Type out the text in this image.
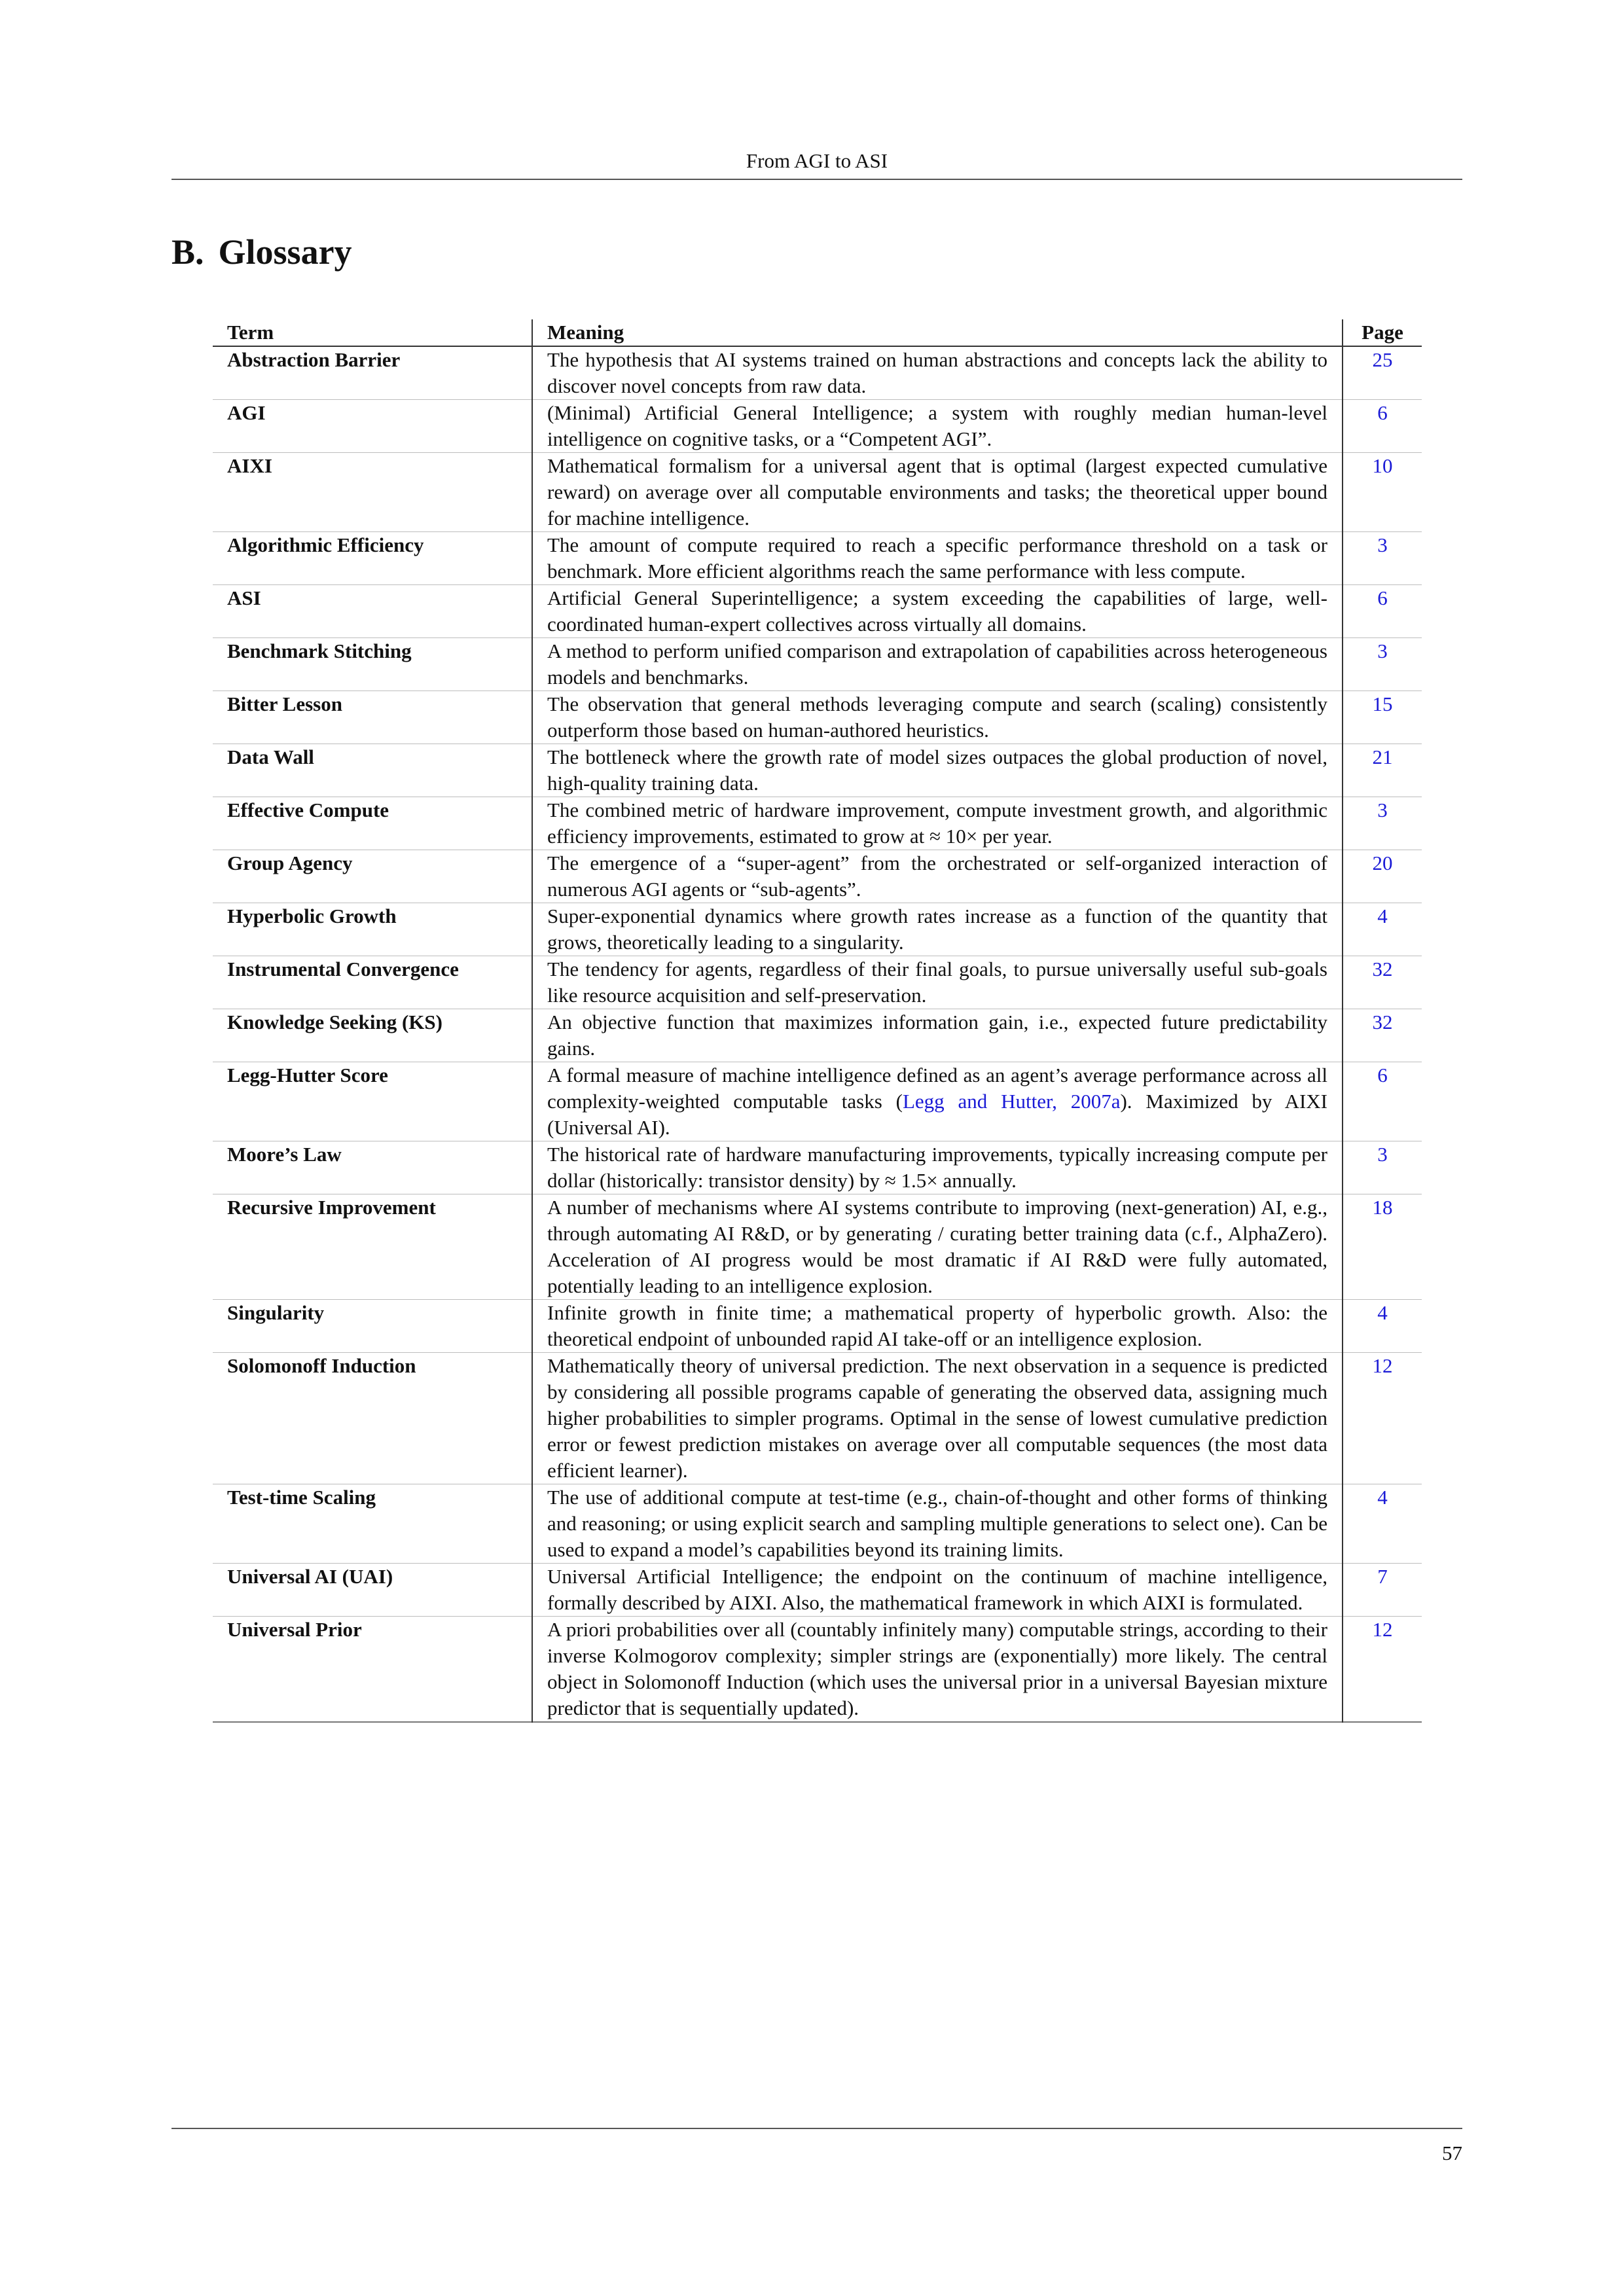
From AGI to ASI
B. Glossary
Term	Meaning	Page
Abstraction Barrier	The hypothesis that AI systems trained on human abstractions and concepts lack the ability to discover novel concepts from raw data.	25
AGI	(Minimal) Artificial General Intelligence; a system with roughly median human-level intelligence on cognitive tasks, or a “Competent AGI”.	6
AIXI	Mathematical formalism for a universal agent that is optimal (largest expected cumulative reward) on average over all computable environments and tasks; the theoretical upper bound for machine intelligence.	10
Algorithmic Efficiency	The amount of compute required to reach a specific performance threshold on a task or benchmark. More efficient algorithms reach the same performance with less compute.	3
ASI	Artificial General Superintelligence; a system exceeding the capabilities of large, well-coordinated human-expert collectives across virtually all domains.	6
Benchmark Stitching	A method to perform unified comparison and extrapolation of capabilities across heterogeneous models and benchmarks.	3
Bitter Lesson	The observation that general methods leveraging compute and search (scaling) consistently outperform those based on human-authored heuristics.	15
Data Wall	The bottleneck where the growth rate of model sizes outpaces the global production of novel, high-quality training data.	21
Effective Compute	The combined metric of hardware improvement, compute investment growth, and algorithmic efficiency improvements, estimated to grow at ≈ 10× per year.	3
Group Agency	The emergence of a “super-agent” from the orchestrated or self-organized interaction of numerous AGI agents or “sub-agents”.	20
Hyperbolic Growth	Super-exponential dynamics where growth rates increase as a function of the quantity that grows, theoretically leading to a singularity.	4
Instrumental Convergence	The tendency for agents, regardless of their final goals, to pursue universally useful sub-goals like resource acquisition and self-preservation.	32
Knowledge Seeking (KS)	An objective function that maximizes information gain, i.e., expected future predictability gains.	32
Legg-Hutter Score	A formal measure of machine intelligence defined as an agent’s average performance across all complexity-weighted computable tasks (Legg and Hutter, 2007a). Maximized by AIXI (Universal AI).	6
Moore’s Law	The historical rate of hardware manufacturing improvements, typically increasing compute per dollar (historically: transistor density) by ≈ 1.5× annually.	3
Recursive Improvement	A number of mechanisms where AI systems contribute to improving (next-generation) AI, e.g., through automating AI R&D, or by generating / curating better training data (c.f., AlphaZero). Acceleration of AI progress would be most dramatic if AI R&D were fully automated, potentially leading to an intelligence explosion.	18
Singularity	Infinite growth in finite time; a mathematical property of hyperbolic growth. Also: the theoretical endpoint of unbounded rapid AI take-off or an intelligence explosion.	4
Solomonoff Induction	Mathematically theory of universal prediction. The next observation in a sequence is predicted by considering all possible programs capable of generating the observed data, assigning much higher probabilities to simpler programs. Optimal in the sense of lowest cumulative prediction error or fewest prediction mistakes on average over all computable sequences (the most data efficient learner).	12
Test-time Scaling	The use of additional compute at test-time (e.g., chain-of-thought and other forms of thinking and reasoning; or using explicit search and sampling multiple generations to select one). Can be used to expand a model’s capabilities beyond its training limits.	4
Universal AI (UAI)	Universal Artificial Intelligence; the endpoint on the continuum of machine intelligence, formally described by AIXI. Also, the mathematical framework in which AIXI is formulated.	7
Universal Prior	A priori probabilities over all (countably infinitely many) computable strings, according to their inverse Kolmogorov complexity; simpler strings are (exponentially) more likely. The central object in Solomonoff Induction (which uses the universal prior in a universal Bayesian mixture predictor that is sequentially updated).	12
57
